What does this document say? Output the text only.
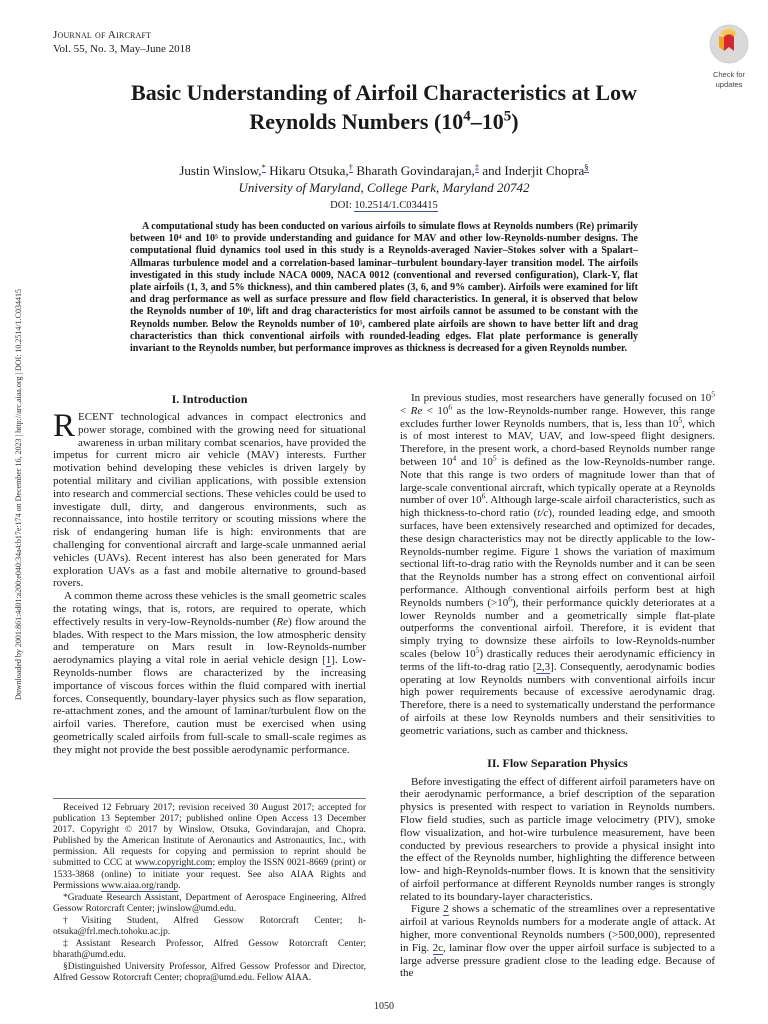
Journal of Aircraft
Vol. 55, No. 3, May–June 2018
Check for
updates
Basic Understanding of Airfoil Characteristics at Low
Reynolds Numbers $(10^4-10^5)$
Justin Winslow,* Hikaru Otsuka,† Bharath Govindarajan,‡ and Inderjit Chopra§
University of Maryland, College Park, Maryland 20742
DOI: 10.2514/1.C034415
A computational study has been conducted on various airfoils to simulate flows at Reynolds numbers (Re) primarily between 10⁴ and 10⁵ to provide understanding and guidance for MAV and other low-Reynolds-number designs. The computational fluid dynamics tool used in this study is a Reynolds-averaged Navier–Stokes solver with a Spalart–Allmaras turbulence model and a correlation-based laminar–turbulent boundary-layer transition model. The airfoils investigated in this study include NACA 0009, NACA 0012 (conventional and reversed configuration), Clark-Y, flat plate airfoils (1, 3, and 5% thickness), and thin cambered plates (3, 6, and 9% camber). Airfoils were examined for lift and drag performance as well as surface pressure and flow field characteristics. In general, it is observed that below the Reynolds number of 10⁶, lift and drag characteristics for most airfoils cannot be assumed to be constant with the Reynolds number. Below the Reynolds number of 10⁵, cambered plate airfoils are shown to have better lift and drag characteristics than thick conventional airfoils with rounded-leading edges. Flat plate performance is generally invariant to the Reynolds number, but performance improves as thickness is decreased for a given Reynolds number.
Downloaded by 2001:861:4d01:a200:e040:34a4:b17e:174 on December 16, 2023 | http://arc.aiaa.org | DOI: 10.2514/1.C034415	I. Introduction

RECENT technological advances in compact electronics and power storage, combined with the growing need for situational awareness in urban military combat scenarios, have provided the impetus for current micro air vehicle (MAV) interests. Further motivation behind developing these vehicles is driven largely by potential military and civilian applications, with possible extension into research and commercial sections. These vehicles could be used to investigate dull, dirty, and dangerous environments, such as reconnaissance, into hostile territory or scouting missions where the risk of endangering human life is high: environments that are challenging for conventional aircraft and large-scale unmanned aerial vehicles (UAVs). Recent interest has also been generated for Mars exploration UAVs as a fast and mobile alternative to ground-based rovers.

A common theme across these vehicles is the small geometric scales the rotating wings, that is, rotors, are required to operate, which effectively results in very-low-Reynolds-number (Re) flow around the blades. With respect to the Mars mission, the low atmospheric density and temperature on Mars result in low-Reynolds-number aerodynamics playing a vital role in aerial vehicle design [1]. Low-Reynolds-number flows are characterized by the increasing importance of viscous forces within the fluid compared with inertial forces. Consequently, boundary-layer physics such as flow separation, re-attachment zones, and the amount of laminar/turbulent flow on the airfoil varies. Therefore, caution must be exercised when using geometrically scaled airfoils from full-scale to small-scale regimes as they might not provide the best possible aerodynamic performance.

Received 12 February 2017; revision received 30 August 2017; accepted for publication 13 September 2017; published online Open Access 13 December 2017. Copyright © 2017 by Winslow, Otsuka, Govindarajan, and Chopra. Published by the American Institute of Aeronautics and Astronautics, Inc., with permission. All requests for copying and permission to reprint should be submitted to CCC at www.copyright.com; employ the ISSN 0021-8669 (print) or 1533-3868 (online) to initiate your request. See also AIAA Rights and Permissions www.aiaa.org/randp.

*Graduate Research Assistant, Department of Aerospace Engineering, Alfred Gessow Rotorcraft Center; jwinslow@umd.edu.

†Visiting Student, Alfred Gessow Rotorcraft Center; h-otsuka@frl.mech.tohoku.ac.jp.

‡Assistant Research Professor, Alfred Gessow Rotorcraft Center; bharath@umd.edu.

§Distinguished University Professor, Alfred Gessow Professor and Director, Alfred Gessow Rotorcraft Center; chopra@umd.edu. Fellow AIAA.

In previous studies, most researchers have generally focused on $10^5 < Re < 10^6$ as the low-Reynolds-number range. However, this range excludes further lower Reynolds numbers, that is, less than $10^5$, which is of most interest to MAV, UAV, and low-speed flight designers. Therefore, in the present work, a chord-based Reynolds number range between $10^4$ and $10^5$ is defined as the low-Reynolds-number range. Note that this range is two orders of magnitude lower than that of large-scale conventional aircraft, which typically operate at a Reynolds number of over $10^6$. Although large-scale airfoil characteristics, such as high thickness-to-chord ratio (t/c), rounded leading edge, and smooth surfaces, have been extensively researched and optimized for decades, these design characteristics may not be directly applicable to the low-Reynolds-number regime. Figure 1 shows the variation of maximum sectional lift-to-drag ratio with the Reynolds number and it can be seen that the Reynolds number has a strong effect on conventional airfoil performance. Although conventional airfoils perform best at high Reynolds numbers $(>10^6)$, their performance quickly deteriorates at a lower Reynolds number and a geometrically simple flat-plate outperforms the conventional airfoil. Therefore, it is evident that simply trying to downsize these airfoils to low-Reynolds-number scales (below $10^5$) drastically reduces their aerodynamic efficiency in terms of the lift-to-drag ratio [2,3]. Consequently, aerodynamic bodies operating at low Reynolds numbers with conventional airfoils incur high power requirements because of excessive aerodynamic drag. Therefore, there is a need to systematically understand the performance of airfoils at these low Reynolds numbers and their sensitivities to geometric variations, such as camber and thickness.

II. Flow Separation Physics

Before investigating the effect of different airfoil parameters have on their aerodynamic performance, a brief description of the separation physics is presented with respect to variation in Reynolds numbers. Flow field studies, such as particle image velocimetry (PIV), smoke flow visualization, and hot-wire turbulence measurement, have been conducted by previous researchers to provide a physical insight into the effect of the Reynolds number, highlighting the difference between low- and high-Reynolds-number flows. It is known that the sensitivity of airfoil performance at different Reynolds number ranges is strongly related to its boundary-layer characteristics.

Figure 2 shows a schematic of the streamlines over a representative airfoil at various Reynolds numbers for a moderate angle of attack. At higher, more conventional Reynolds numbers (>500,000), represented in Fig. 2c, laminar flow over the upper airfoil surface is subjected to a large adverse pressure gradient close to the leading edge. Because of the

1050
